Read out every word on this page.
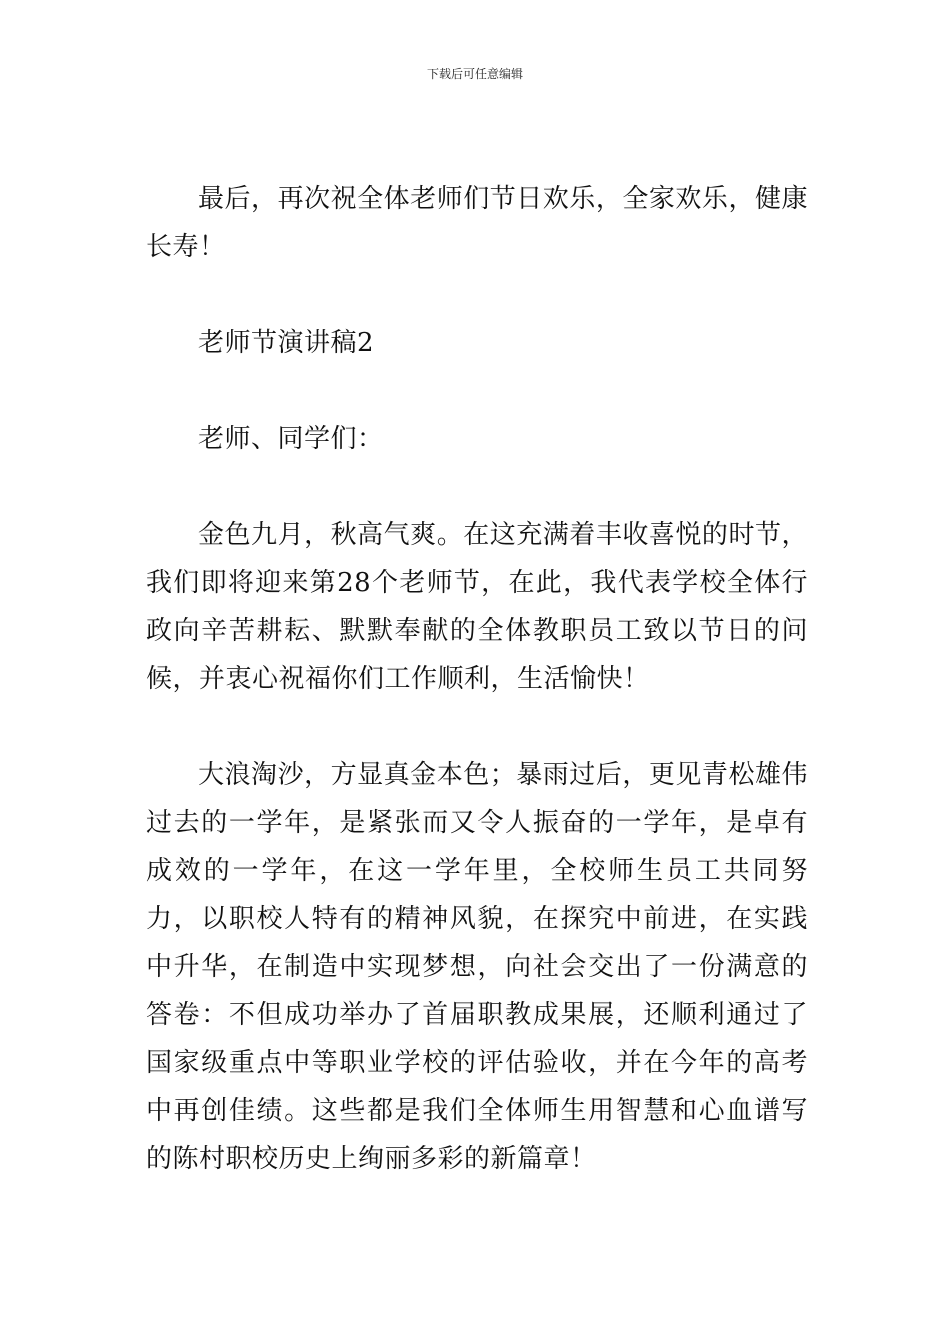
下载后可任意编辑

最后，再次祝全体老师们节日欢乐，全家欢乐，健康长寿！

老师节演讲稿2

老师、同学们：

金色九月，秋高气爽。在这充满着丰收喜悦的时节，我们即将迎来第28个老师节，在此，我代表学校全体行政向辛苦耕耘、默默奉献的全体教职员工致以节日的问候，并衷心祝福你们工作顺利，生活愉快！

大浪淘沙，方显真金本色；暴雨过后，更见青松雄伟过去的一学年，是紧张而又令人振奋的一学年，是卓有成效的一学年，在这一学年里，全校师生员工共同努力，以职校人特有的精神风貌，在探究中前进，在实践中升华，在制造中实现梦想，向社会交出了一份满意的答卷：不但成功举办了首届职教成果展，还顺利通过了国家级重点中等职业学校的评估验收，并在今年的高考中再创佳绩。这些都是我们全体师生用智慧和心血谱写的陈村职校历史上绚丽多彩的新篇章！
